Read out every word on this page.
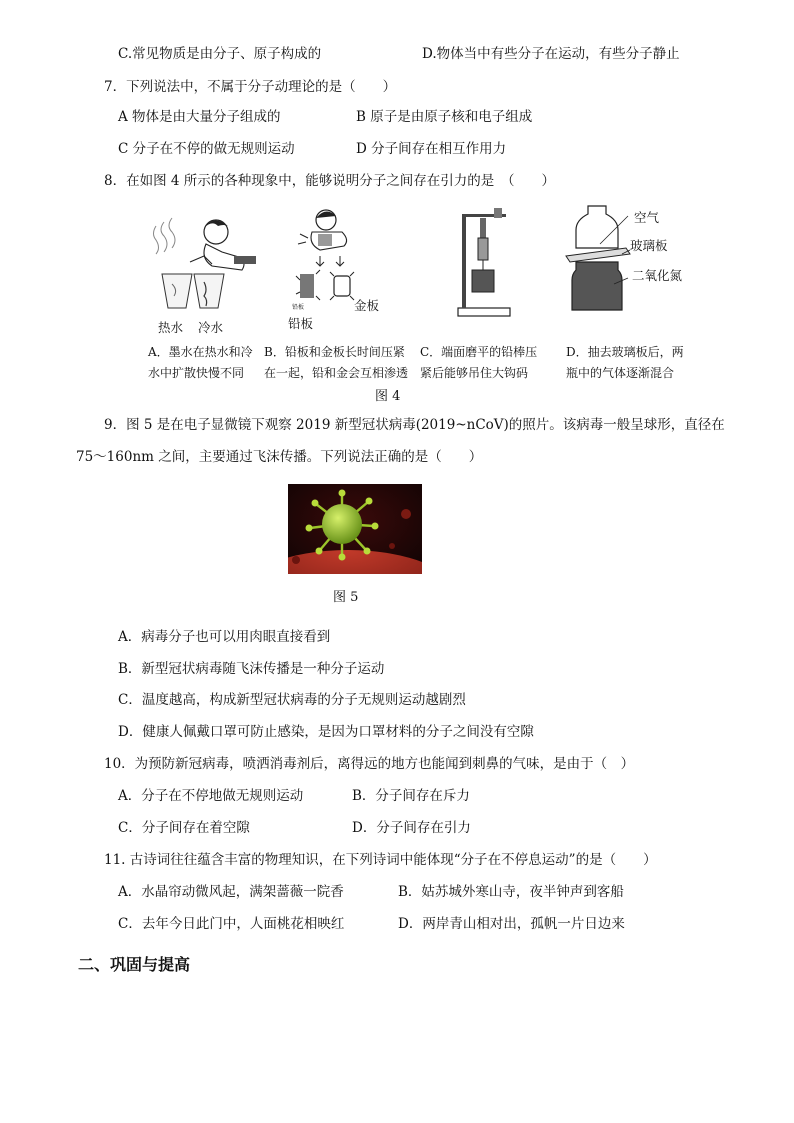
C.常见物质是由分子、原子构成的	D.物体当中有些分子在运动，有些分子静止
7．下列说法中，不属于分子动理论的是（　　）
A 物体是由大量分子组成的	B 原子是由原子核和电子组成
C 分子在不停的做无规则运动	D 分子间存在相互作用力
8．在如图 4 所示的各种现象中，能够说明分子之间存在引力的是　（　　）
热水 冷水
铅板	金板
铅板
空气
玻璃板
二氧化氮
A．墨水在热水和冷
水中扩散快慢不同
B．铅板和金板长时间压紧
在一起，铅和金会互相渗透
C．端面磨平的铅棒压
紧后能够吊住大钩码
D．抽去玻璃板后，两
瓶中的气体逐渐混合
图 4
9．图 5 是在电子显微镜下观察 2019 新型冠状病毒(2019~nCoV)的照片。该病毒一般呈球形，直径在
75～160nm 之间，主要通过飞沫传播。下列说法正确的是（　　）
图 5
A．病毒分子也可以用肉眼直接看到
B．新型冠状病毒随飞沫传播是一种分子运动
C．温度越高，构成新型冠状病毒的分子无规则运动越剧烈
D．健康人佩戴口罩可防止感染，是因为口罩材料的分子之间没有空隙
10．为预防新冠病毒，喷洒消毒剂后，离得远的地方也能闻到刺鼻的气味，是由于（　）
A．分子在不停地做无规则运动	B．分子间存在斥力
C．分子间存在着空隙	D．分子间存在引力
11. 古诗词往往蕴含丰富的物理知识，在下列诗词中能体现“分子在不停息运动”的是（　　）
A．水晶帘动微风起，满架蔷薇一院香	B．姑苏城外寒山寺，夜半钟声到客船
C．去年今日此门中，人面桃花相映红	D．两岸青山相对出，孤帆一片日边来
二、巩固与提高
